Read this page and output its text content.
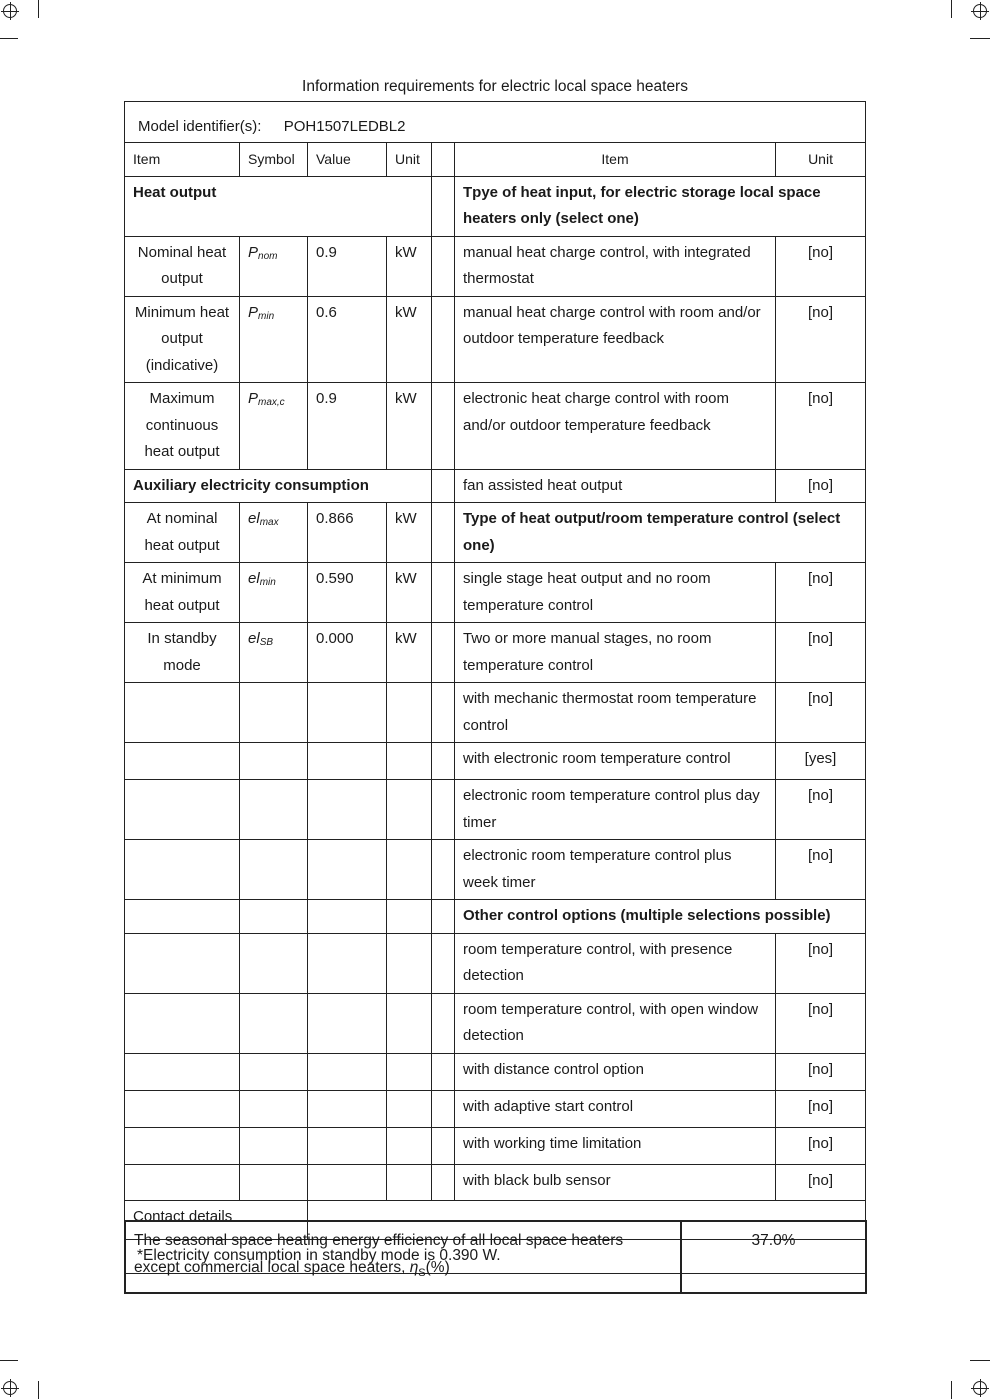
Information requirements for electric local space heaters
Model identifier(s): POH1507LEDBL2						
Item	Symbol	Value	Unit		Item	Unit
Heat output					Tpye of heat input, for electric storage local space heaters only (select one)	
Nominal heat output	$P_{nom}$	0.9	kW		manual heat charge control, with integrated thermostat	[no]
Minimum heat output (indicative)	$P_{min}$	0.6	kW		manual heat charge control with room and/or outdoor temperature feedback	[no]
Maximum continuous heat output	$P_{max,c}$	0.9	kW		electronic heat charge control with room and/or outdoor temperature feedback	[no]
Auxiliary electricity consumption					fan assisted heat output	[no]
At nominal heat output	$el_{max}$	0.866	kW		Type of heat output/room temperature control (select one)	
At minimum heat output	$el_{min}$	0.590	kW		single stage heat output and no room temperature control	[no]
In standby mode	$el_{SB}$	0.000	kW		Two or more manual stages, no room temperature control	[no]
					with mechanic thermostat room temperature control	[no]
					with electronic room temperature control	[yes]
					electronic room temperature control plus day timer	[no]
					electronic room temperature control plus week timer	[no]
					Other control options (multiple selections possible)	
					room temperature control, with presence detection	[no]
					room temperature control, with open window detection	[no]
					with distance control option	[no]
					with adaptive start control	[no]
					with working time limitation	[no]
					with black bulb sensor	[no]
Contact details						
*Electricity consumption in standby mode is 0.390 W.						
The seasonal space heating energy efficiency of all local space heaters
except commercial local space heaters, $\eta_S(\%)$	37.0%
